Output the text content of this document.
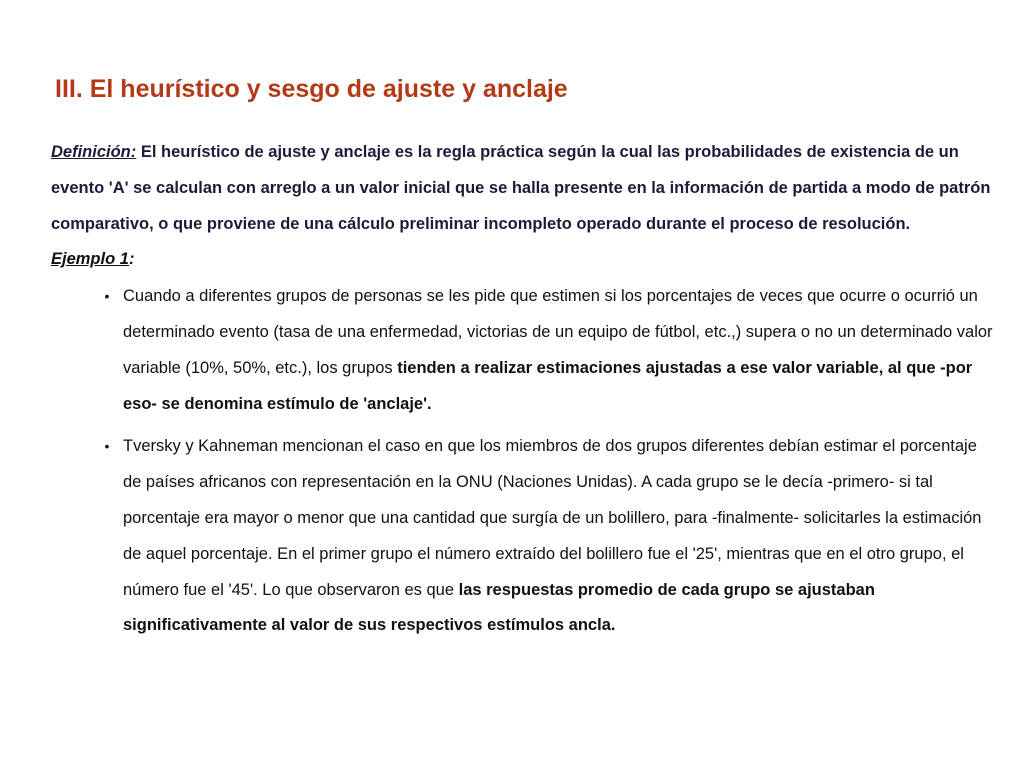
III. El heurístico y sesgo de ajuste y anclaje

Definición: El heurístico de ajuste y anclaje es la regla práctica según la cual las probabilidades de existencia de un evento 'A' se calculan con arreglo a un valor inicial que se halla presente en la información de partida a modo de patrón comparativo, o que proviene de una cálculo preliminar incompleto operado durante el proceso de resolución.

Ejemplo 1:

• Cuando a diferentes grupos de personas se les pide que estimen si los porcentajes de veces que ocurre o ocurrió un determinado evento (tasa de una enfermedad, victorias de un equipo de fútbol, etc.,) supera o no un determinado valor variable (10%, 50%, etc.), los grupos tienden a realizar estimaciones ajustadas a ese valor variable, al que -por eso- se denomina estímulo de 'anclaje'.
• Tversky y Kahneman mencionan el caso en que los miembros de dos grupos diferentes debían estimar el porcentaje de países africanos con representación en la ONU (Naciones Unidas). A cada grupo se le decía -primero- si tal porcentaje era mayor o menor que una cantidad que surgía de un bolillero, para -finalmente- solicitarles la estimación de aquel porcentaje. En el primer grupo el número extraído del bolillero fue el '25', mientras que en el otro grupo, el número fue el '45'. Lo que observaron es que las respuestas promedio de cada grupo se ajustaban significativamente al valor de sus respectivos estímulos ancla.
